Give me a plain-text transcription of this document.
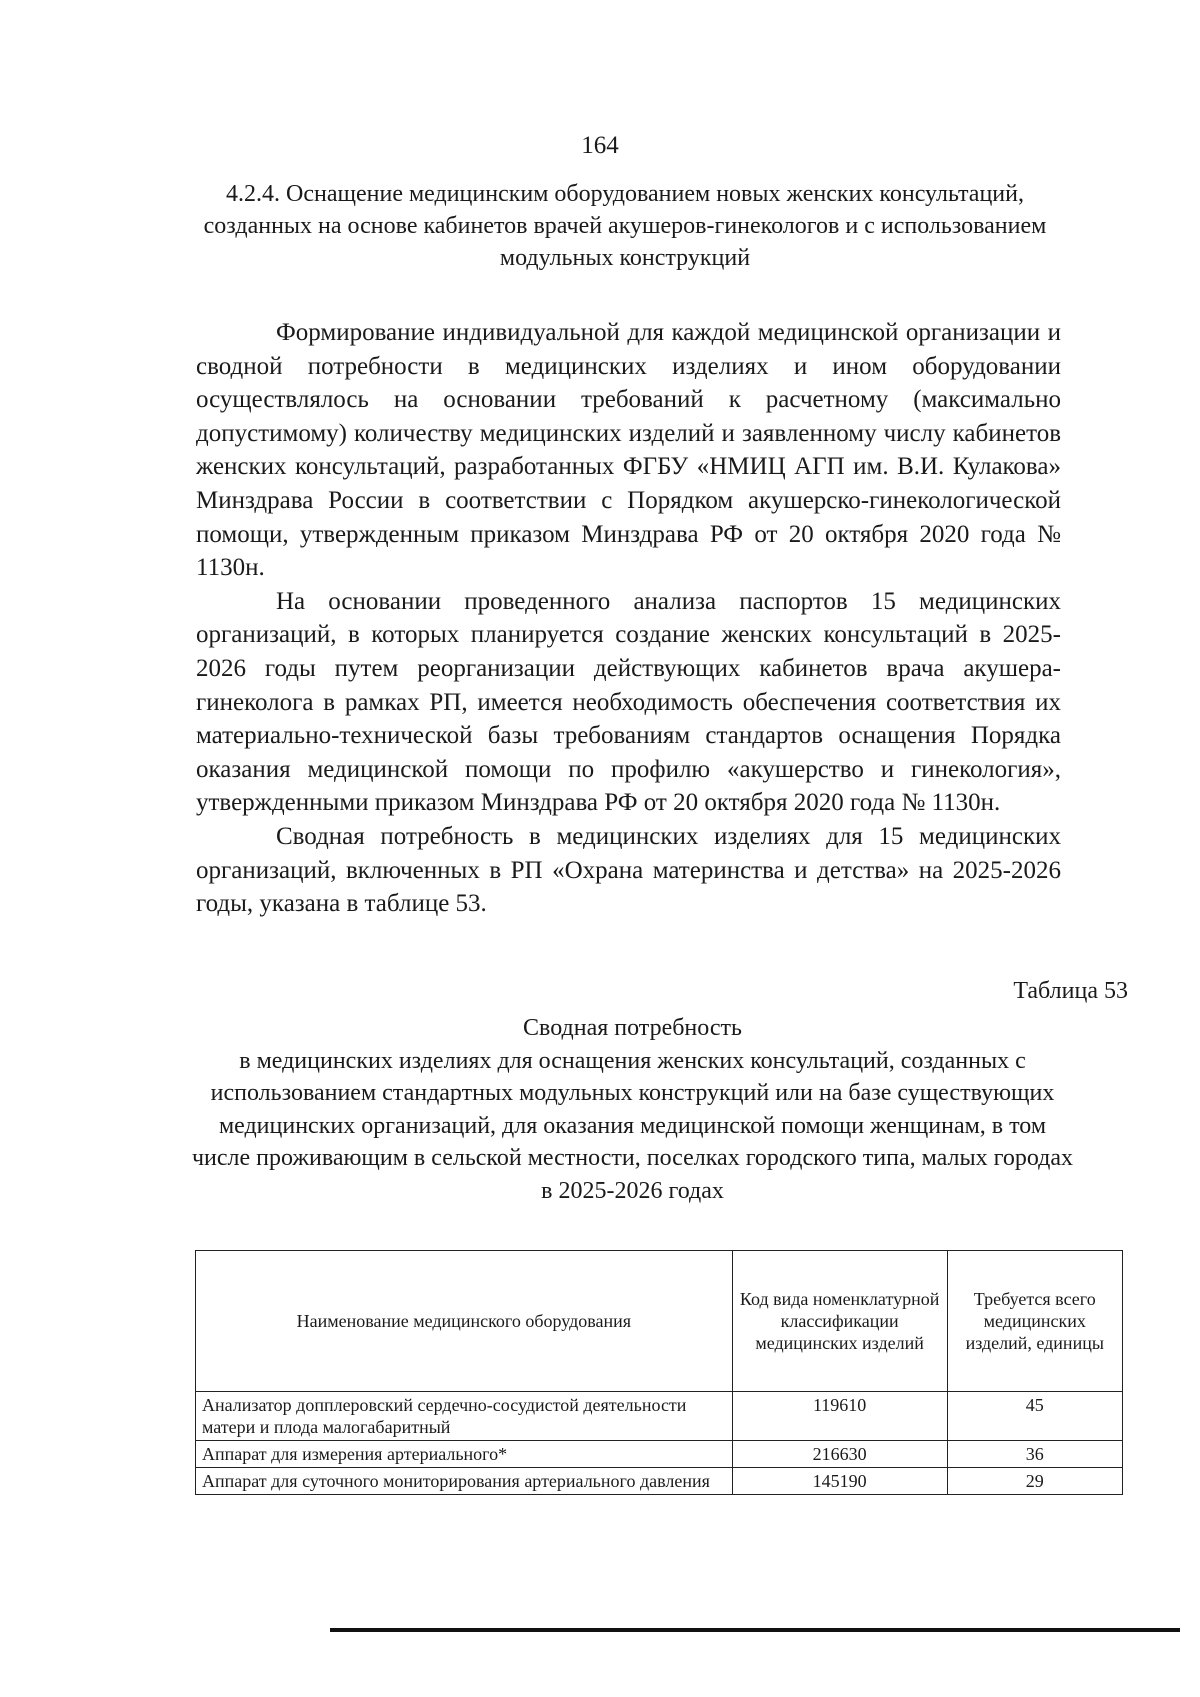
164
4.2.4. Оснащение медицинским оборудованием новых женских консультаций, созданных на основе кабинетов врачей акушеров-гинекологов и с использованием модульных конструкций

Формирование индивидуальной для каждой медицинской организации и сводной потребности в медицинских изделиях и ином оборудовании осуществлялось на основании требований к расчетному (максимально допустимому) количеству медицинских изделий и заявленному числу кабинетов женских консультаций, разработанных ФГБУ «НМИЦ АГП им. В.И. Кулакова» Минздрава России в соответствии с Порядком акушерско-гинекологической помощи, утвержденным приказом Минздрава РФ от 20 октября 2020 года № 1130н.

На основании проведенного анализа паспортов 15 медицинских организаций, в которых планируется создание женских консультаций в 2025-2026 годы путем реорганизации действующих кабинетов врача акушера-гинеколога в рамках РП, имеется необходимость обеспечения соответствия их материально-технической базы требованиям стандартов оснащения Порядка оказания медицинской помощи по профилю «акушерство и гинекология», утвержденными приказом Минздрава РФ от 20 октября 2020 года № 1130н.

Сводная потребность в медицинских изделиях для 15 медицинских организаций, включенных в РП «Охрана материнства и детства» на 2025-2026 годы, указана в таблице 53.

Таблица 53
Сводная потребность
в медицинских изделиях для оснащения женских консультаций, созданных с использованием стандартных модульных конструкций или на базе существующих медицинских организаций, для оказания медицинской помощи женщинам, в том числе проживающим в сельской местности, поселках городского типа, малых городах в 2025-2026 годах
Наименование медицинского оборудования	Код вида номенклатурной классификации медицинских изделий	Требуется всего медицинских изделий, единицы
Анализатор допплеровский сердечно-сосудистой деятельности матери и плода малогабаритный	119610	45
Аппарат для измерения артериального*	216630	36
Аппарат для суточного мониторирования артериального давления	145190	29
